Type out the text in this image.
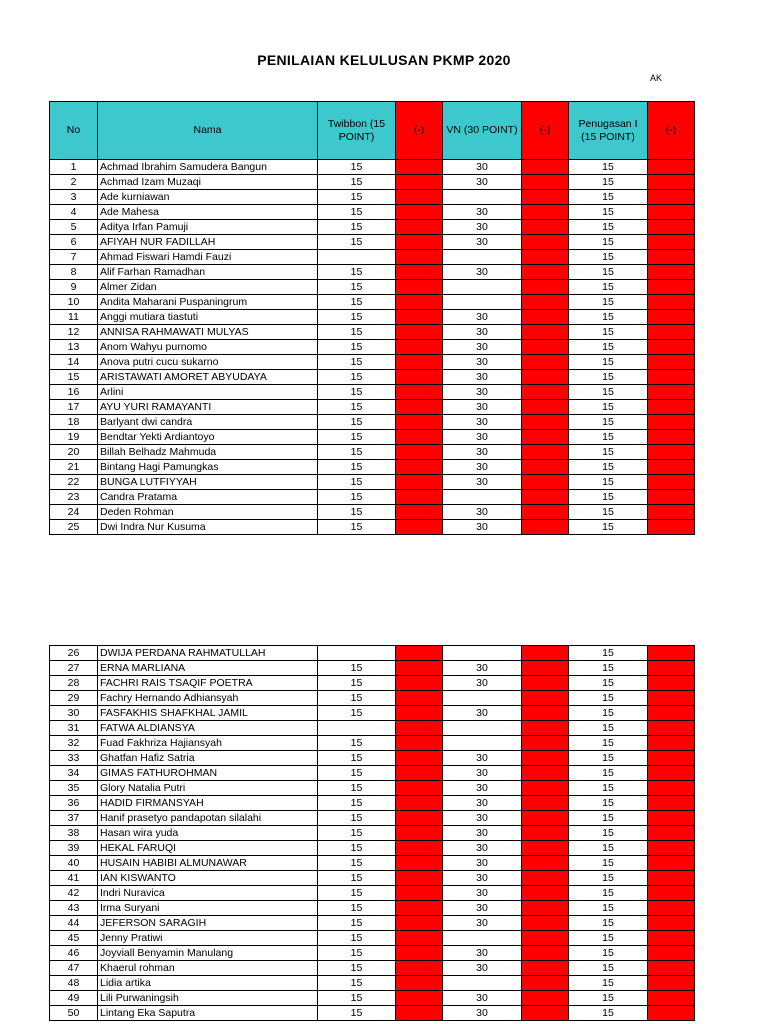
PENILAIAN KELULUSAN PKMP 2020
AK
No	Nama	Twibbon (15 POINT)	(-)	VN (30 POINT)	(-)	Penugasan I (15 POINT)	(-)
1	Achmad Ibrahim Samudera Bangun	15		30		15	
2	Achmad Izam Muzaqi	15		30		15	
3	Ade kurniawan	15				15	
4	Ade Mahesa	15		30		15	
5	Aditya Irfan Pamuji	15		30		15	
6	AFIYAH NUR FADILLAH	15		30		15	
7	Ahmad Fiswari Hamdi Fauzi					15	
8	Alif Farhan Ramadhan	15		30		15	
9	Almer Zidan	15				15	
10	Andita Maharani Puspaningrum	15				15	
11	Anggi mutiara tiastuti	15		30		15	
12	ANNISA RAHMAWATI MULYAS	15		30		15	
13	Anom Wahyu purnomo	15		30		15	
14	Anova putri cucu sukarno	15		30		15	
15	ARISTAWATI AMORET ABYUDAYA	15		30		15	
16	Arlini	15		30		15	
17	AYU YURI RAMAYANTI	15		30		15	
18	Barlyant dwi candra	15		30		15	
19	Bendtar Yekti Ardiantoyo	15		30		15	
20	Billah Belhadz Mahmuda	15		30		15	
21	Bintang Hagi Pamungkas	15		30		15	
22	BUNGA LUTFIYYAH	15		30		15	
23	Candra Pratama	15				15	
24	Deden Rohman	15		30		15	
25	Dwi Indra Nur Kusuma	15		30		15	
26	DWIJA PERDANA RAHMATULLAH					15	
27	ERNA MARLIANA	15		30		15	
28	FACHRI RAIS TSAQIF POETRA	15		30		15	
29	Fachry Hernando Adhiansyah	15				15	
30	FASFAKHIS SHAFKHAL JAMIL	15		30		15	
31	FATWA ALDIANSYA					15	
32	Fuad Fakhriza Hajiansyah	15				15	
33	Ghatfan Hafiz Satria	15		30		15	
34	GIMAS FATHUROHMAN	15		30		15	
35	Glory Natalia Putri	15		30		15	
36	HADID FIRMANSYAH	15		30		15	
37	Hanif prasetyo pandapotan silalahi	15		30		15	
38	Hasan wira yuda	15		30		15	
39	HEKAL FARUQI	15		30		15	
40	HUSAIN HABIBI ALMUNAWAR	15		30		15	
41	IAN KISWANTO	15		30		15	
42	Indri Nuravica	15		30		15	
43	Irma Suryani	15		30		15	
44	JEFERSON SARAGIH	15		30		15	
45	Jenny Pratiwi	15				15	
46	Joyviall Benyamin Manulang	15		30		15	
47	Khaerul rohman	15		30		15	
48	Lidia artika	15				15	
49	Lili Purwaningsih	15		30		15	
50	Lintang Eka Saputra	15		30		15	
